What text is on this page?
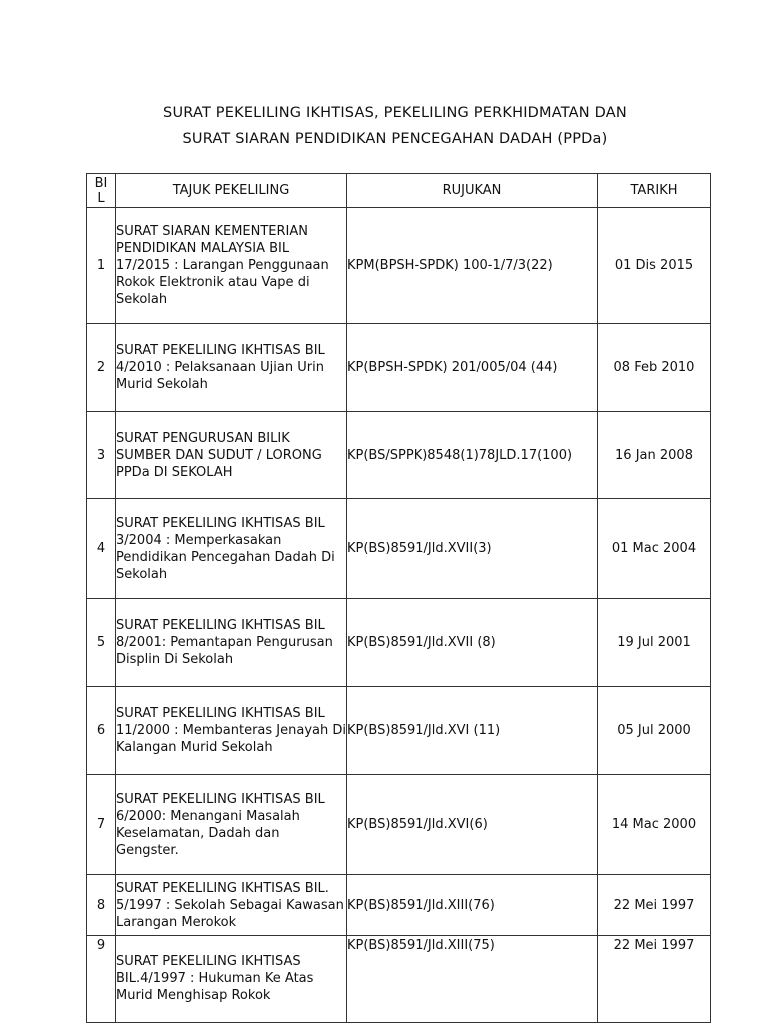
SURAT PEKELILING IKHTISAS, PEKELILING PERKHIDMATAN DAN
SURAT SIARAN PENDIDIKAN PENCEGAHAN DADAH (PPDa)
BI
L	TAJUK PEKELILING	RUJUKAN	TARIKH
1	SURAT SIARAN KEMENTERIAN PENDIDIKAN MALAYSIA BIL 17/2015 : Larangan Penggunaan Rokok Elektronik atau Vape di Sekolah	KPM(BPSH-SPDK) 100-1/7/3(22)	01 Dis 2015
2	SURAT PEKELILING IKHTISAS BIL 4/2010 : Pelaksanaan Ujian Urin Murid Sekolah	KP(BPSH-SPDK) 201/005/04 (44)	08 Feb 2010
3	SURAT PENGURUSAN BILIK SUMBER DAN SUDUT / LORONG PPDa DI SEKOLAH	KP(BS/SPPK)8548(1)78JLD.17(100)	16 Jan 2008
4	SURAT PEKELILING IKHTISAS BIL 3/2004 : Memperkasakan Pendidikan Pencegahan Dadah Di Sekolah	KP(BS)8591/Jld.XVII(3)	01 Mac 2004
5	SURAT PEKELILING IKHTISAS BIL 8/2001: Pemantapan Pengurusan Displin Di Sekolah	KP(BS)8591/Jld.XVII (8)	19 Jul 2001
6	SURAT PEKELILING IKHTISAS BIL 11/2000 : Membanteras Jenayah Di Kalangan Murid Sekolah	KP(BS)8591/Jld.XVI (11)	05 Jul 2000
7	SURAT PEKELILING IKHTISAS BIL 6/2000: Menangani Masalah Keselamatan, Dadah dan Gengster.	KP(BS)8591/Jld.XVI(6)	14 Mac 2000
8	SURAT PEKELILING IKHTISAS BIL. 5/1997 : Sekolah Sebagai Kawasan Larangan Merokok	KP(BS)8591/Jld.XIII(76)	22 Mei 1997
9	SURAT PEKELILING IKHTISAS BIL.4/1997 : Hukuman Ke Atas Murid Menghisap Rokok	KP(BS)8591/Jld.XIII(75)	22 Mei 1997
